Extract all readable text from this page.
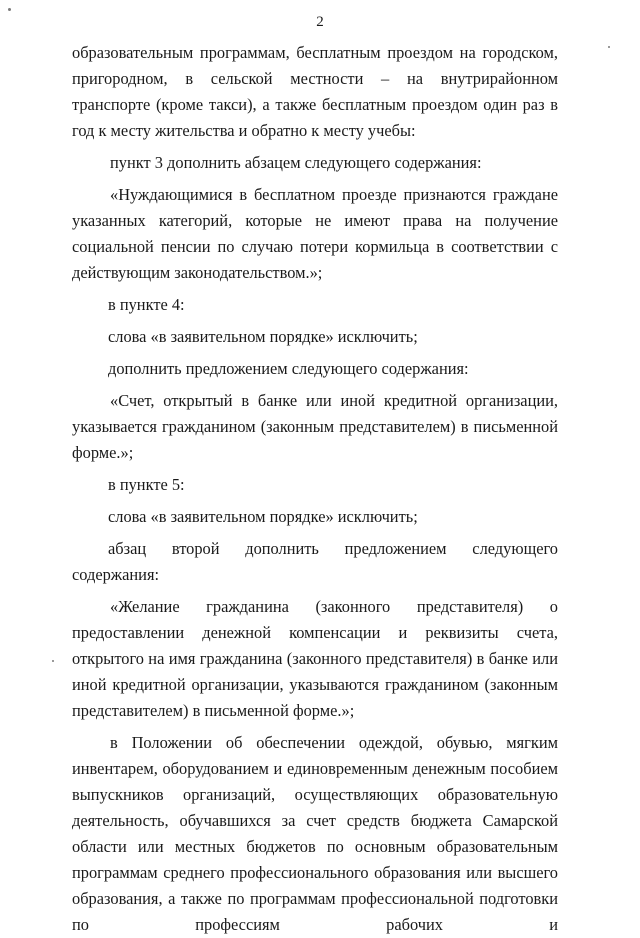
2

образовательным программам, бесплатным проездом на городском, пригородном, в сельской местности – на внутрирайонном транспорте (кроме такси), а также бесплатным проездом один раз в год к месту жительства и обратно к месту учебы:

пункт 3 дополнить абзацем следующего содержания:

«Нуждающимися в бесплатном проезде признаются граждане указанных категорий, которые не имеют права на получение социальной пенсии по случаю потери кормильца в соответствии с действующим законодательством.»;

в пункте 4:

слова «в заявительном порядке» исключить;

дополнить предложением следующего содержания:

«Счет, открытый в банке или иной кредитной организации, указывается гражданином (законным представителем) в письменной форме.»;

в пункте 5:

слова «в заявительном порядке» исключить;

абзац второй дополнить предложением следующего содержания:

«Желание гражданина (законного представителя) о предоставлении денежной компенсации и реквизиты счета, открытого на имя гражданина (законного представителя) в банке или иной кредитной организации, указываются гражданином (законным представителем) в письменной форме.»;

в Положении об обеспечении одеждой, обувью, мягким инвентарем, оборудованием и единовременным денежным пособием выпускников организаций, осуществляющих образовательную деятельность, обучавшихся за счет средств бюджета Самарской области или местных бюджетов по основным образовательным программам среднего профессионального образования или высшего образования, а также по программам профессиональной подготовки по профессиям рабочих и
